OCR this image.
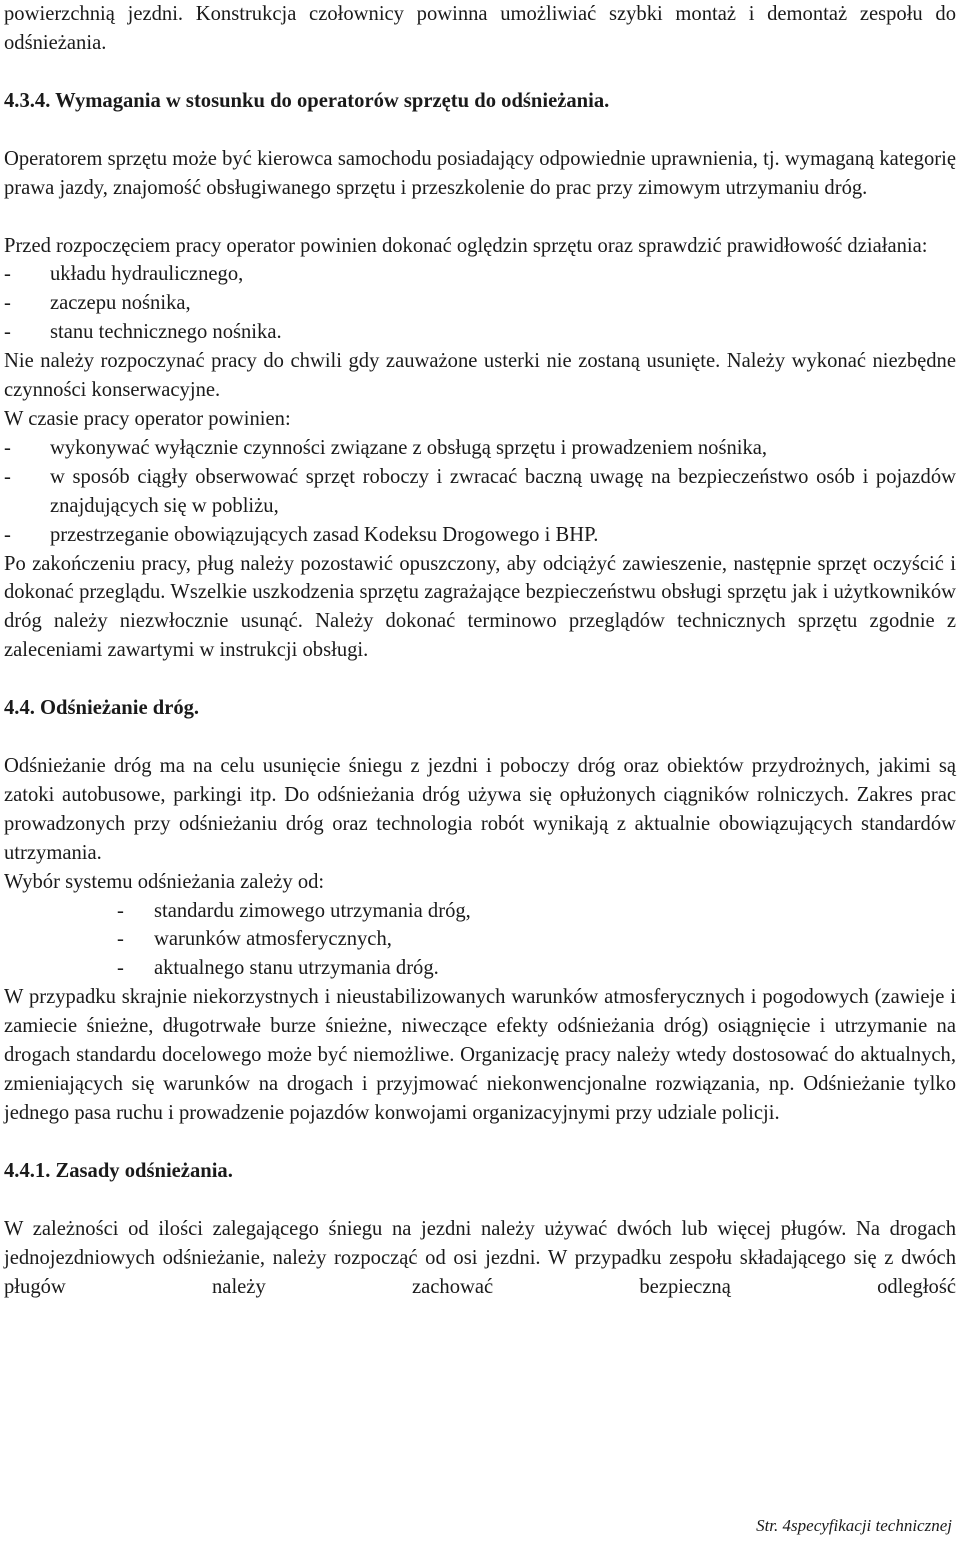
powierzchnią jezdni. Konstrukcja czołownicy powinna umożliwiać szybki montaż i demontaż zespołu do odśnieżania.

4.3.4. Wymagania w stosunku do operatorów sprzętu do odśnieżania.

Operatorem sprzętu może być kierowca samochodu posiadający odpowiednie uprawnienia, tj. wymaganą kategorię prawa jazdy, znajomość obsługiwanego sprzętu i przeszkolenie do prac przy zimowym utrzymaniu dróg.

Przed rozpoczęciem pracy operator powinien dokonać oględzin sprzętu oraz sprawdzić prawidłowość działania:

- układu hydraulicznego,
- zaczepu nośnika,
- stanu technicznego nośnika.

Nie należy rozpoczynać pracy do chwili gdy zauważone usterki nie zostaną usunięte. Należy wykonać niezbędne czynności konserwacyjne.

W czasie pracy operator powinien:

- wykonywać wyłącznie czynności związane z obsługą sprzętu i prowadzeniem nośnika,
- w sposób ciągły obserwować sprzęt roboczy i zwracać baczną uwagę na bezpieczeństwo osób i pojazdów znajdujących się w pobliżu,
- przestrzeganie obowiązujących zasad Kodeksu Drogowego i BHP.

Po zakończeniu pracy, pług należy pozostawić opuszczony, aby odciążyć zawieszenie, następnie sprzęt oczyścić i dokonać przeglądu. Wszelkie uszkodzenia sprzętu zagrażające bezpieczeństwu obsługi sprzętu jak i użytkowników dróg należy niezwłocznie usunąć. Należy dokonać terminowo przeglądów technicznych sprzętu zgodnie z zaleceniami zawartymi w instrukcji obsługi.

4.4. Odśnieżanie dróg.

Odśnieżanie dróg ma na celu usunięcie śniegu z jezdni i poboczy dróg oraz obiektów przydrożnych, jakimi są zatoki autobusowe, parkingi itp. Do odśnieżania dróg używa się opłużonych ciągników rolniczych. Zakres prac prowadzonych przy odśnieżaniu dróg oraz technologia robót wynikają z aktualnie obowiązujących standardów utrzymania.

Wybór systemu odśnieżania zależy od:

- standardu zimowego utrzymania dróg,
- warunków atmosferycznych,
- aktualnego stanu utrzymania dróg.

W przypadku skrajnie niekorzystnych i nieustabilizowanych warunków atmosferycznych i pogodowych (zawieje i zamiecie śnieżne, długotrwałe burze śnieżne, niweczące efekty odśnieżania dróg) osiągnięcie i utrzymanie na drogach standardu docelowego może być niemożliwe. Organizację pracy należy wtedy dostosować do aktualnych, zmieniających się warunków na drogach i przyjmować niekonwencjonalne rozwiązania, np. Odśnieżanie tylko jednego pasa ruchu i prowadzenie pojazdów konwojami organizacyjnymi przy udziale policji.

4.4.1. Zasady odśnieżania.

W zależności od ilości zalegającego śniegu na jezdni należy używać dwóch lub więcej pługów. Na drogach jednojezdniowych odśnieżanie, należy rozpocząć od osi jezdni. W przypadku zespołu składającego się z dwóch pługów należy zachować bezpieczną odległość

Str. 4specyfikacji technicznej
